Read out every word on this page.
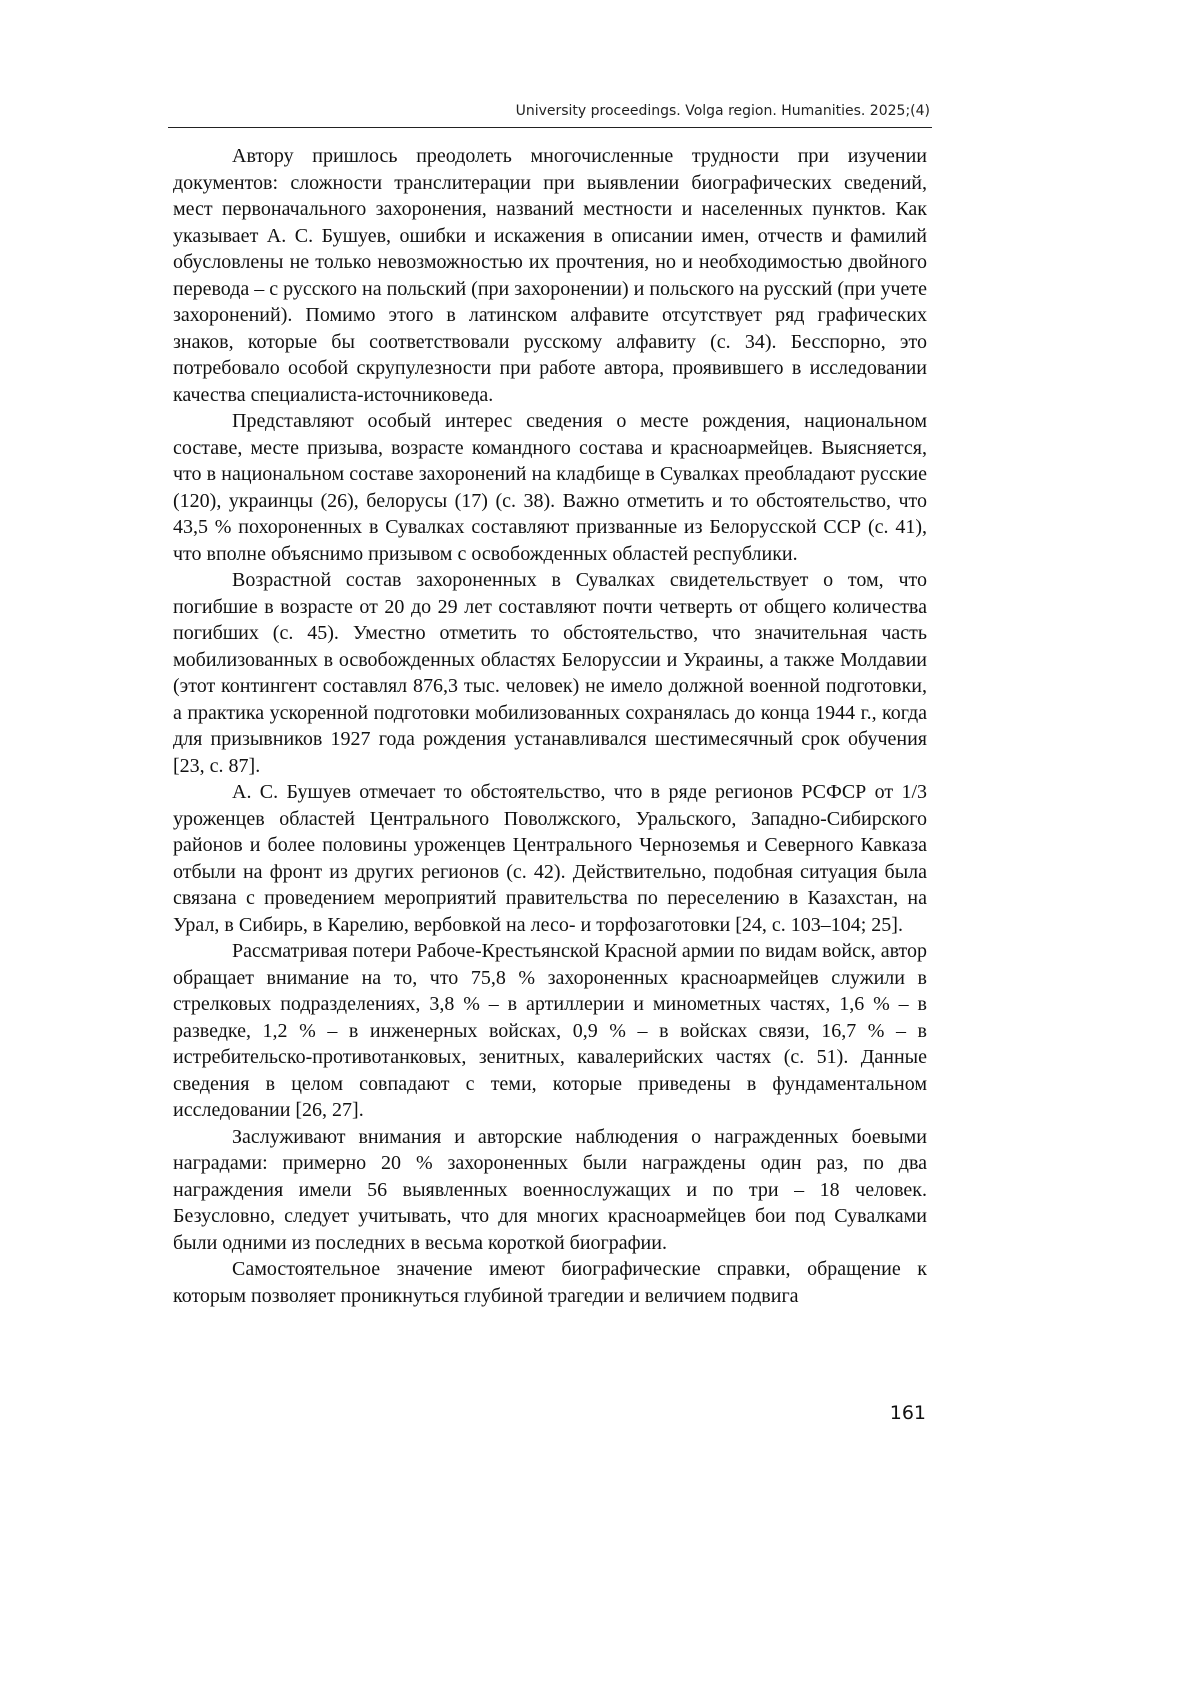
University proceedings. Volga region. Humanities. 2025;(4)

Автору пришлось преодолеть многочисленные трудности при изучении документов: сложности транслитерации при выявлении биографических сведений, мест первоначального захоронения, названий местности и населенных пунктов. Как указывает А. С. Бушуев, ошибки и искажения в описании имен, отчеств и фамилий обусловлены не только невозможностью их прочтения, но и необходимостью двойного перевода – с русского на польский (при захоронении) и польского на русский (при учете захоронений). Помимо этого в латинском алфавите отсутствует ряд графических знаков, которые бы соответствовали русскому алфавиту (с. 34). Бесспорно, это потребовало особой скрупулезности при работе автора, проявившего в исследовании качества специалиста-источниковеда.

Представляют особый интерес сведения о месте рождения, национальном составе, месте призыва, возрасте командного состава и красноармейцев. Выясняется, что в национальном составе захоронений на кладбище в Сувалках преобладают русские (120), украинцы (26), белорусы (17) (с. 38). Важно отметить и то обстоятельство, что 43,5 % похороненных в Сувалках составляют призванные из Белорусской ССР (с. 41), что вполне объяснимо призывом с освобожденных областей республики.

Возрастной состав захороненных в Сувалках свидетельствует о том, что погибшие в возрасте от 20 до 29 лет составляют почти четверть от общего количества погибших (с. 45). Уместно отметить то обстоятельство, что значительная часть мобилизованных в освобожденных областях Белоруссии и Украины, а также Молдавии (этот контингент составлял 876,3 тыс. человек) не имело должной военной подготовки, а практика ускоренной подготовки мобилизованных сохранялась до конца 1944 г., когда для призывников 1927 года рождения устанавливался шестимесячный срок обучения [23, с. 87].

А. С. Бушуев отмечает то обстоятельство, что в ряде регионов РСФСР от 1/3 уроженцев областей Центрального Поволжского, Уральского, Западно-Сибирского районов и более половины уроженцев Центрального Черноземья и Северного Кавказа отбыли на фронт из других регионов (с. 42). Действительно, подобная ситуация была связана с проведением мероприятий правительства по переселению в Казахстан, на Урал, в Сибирь, в Карелию, вербовкой на лесо- и торфозаготовки [24, с. 103–104; 25].

Рассматривая потери Рабоче-Крестьянской Красной армии по видам войск, автор обращает внимание на то, что 75,8 % захороненных красноармейцев служили в стрелковых подразделениях, 3,8 % – в артиллерии и минометных частях, 1,6 % – в разведке, 1,2 % – в инженерных войсках, 0,9 % – в войсках связи, 16,7 % – в истребительско-противотанковых, зенитных, кавалерийских частях (с. 51). Данные сведения в целом совпадают с теми, которые приведены в фундаментальном исследовании [26, 27].

Заслуживают внимания и авторские наблюдения о награжденных боевыми наградами: примерно 20 % захороненных были награждены один раз, по два награждения имели 56 выявленных военнослужащих и по три – 18 человек. Безусловно, следует учитывать, что для многих красноармейцев бои под Сувалками были одними из последних в весьма короткой биографии.

Самостоятельное значение имеют биографические справки, обращение к которым позволяет проникнуться глубиной трагедии и величием подвига

161
